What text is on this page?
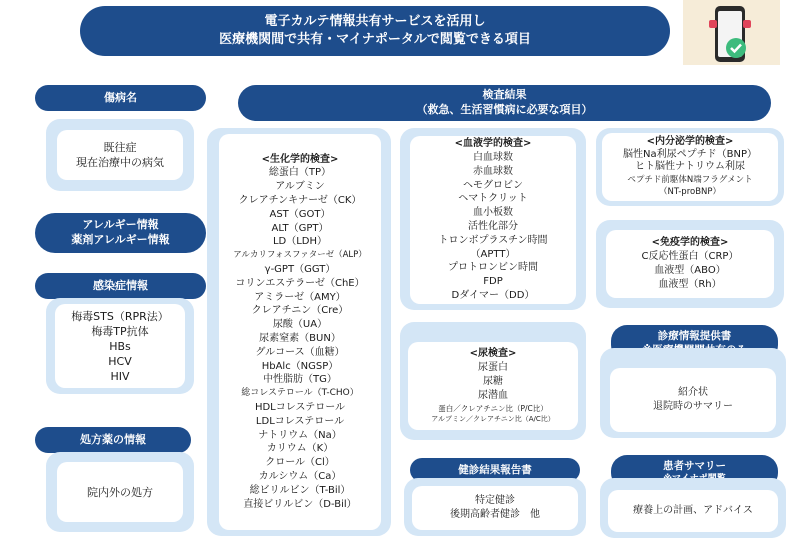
電子カルテ情報共有サービスを活用し
医療機関間で共有・マイナポータルで閲覧できる項目
傷病名
既往症
現在治療中の病気
アレルギー情報
薬剤アレルギー情報
感染症情報
梅毒STS（RPR法）
梅毒TP抗体
HBs
HCV
HIV
処方薬の情報
院内外の処方
検査結果
（救急、生活習慣病に必要な項目）
<生化学的検査>
総蛋白（TP）
アルブミン
クレアチンキナーゼ（CK）
AST（GOT）
ALT（GPT）
LD（LDH）
アルカリフォスファターゼ（ALP）
γ-GPT（GGT）
コリンエステラーゼ（ChE）
アミラーゼ（AMY）
クレアチニン（Cre）
尿酸（UA）
尿素窒素（BUN）
グルコース（血糖）
HbAlc（NGSP）
中性脂肪（TG）
総コレステロール（T-CHO）
HDLコレステロール
LDLコレステロール
ナトリウム（Na）
カリウム（K）
クロール（Cl）
カルシウム（Ca）
総ビリルビン（T-Bil）
直接ビリルビン（D-Bil）
<血液学的検査>
白血球数
赤血球数
ヘモグロビン
ヘマトクリット
血小板数
活性化部分
トロンボプラスチン時間
（APTT）
プロトロンビン時間
FDP
Dダイマー（DD）
<尿検査>
尿蛋白
尿糖
尿潜血
蛋白／クレアチニン比（P/C比）
アルブミン／クレアチニン比（A/C比）
<内分泌学的検査>
脳性Na利尿ペプチド（BNP）
ヒト脳性ナトリウム利尿
ペプチド前駆体N端フラグメント
（NT-proBNP）
<免疫学的検査>
C反応性蛋白（CRP）
血液型（ABO）
血液型（Rh）
診療情報提供書
紹介状
退院時のサマリー
健診結果報告書
特定健診
後期高齢者健診　他
患者サマリー
療養上の計画、アドバイス
